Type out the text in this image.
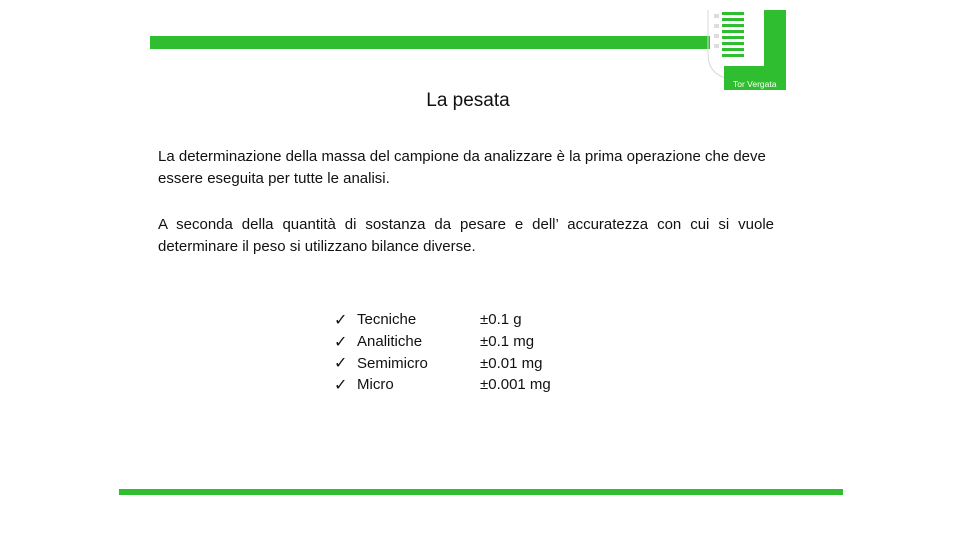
Tor Vergata
La pesata
La determinazione della massa del campione da analizzare è la prima operazione che deve essere eseguita per tutte le analisi.
A seconda della quantità di sostanza da pesare e dell’ accuratezza con cui si vuole determinare il peso si utilizzano bilance diverse.
✓ Tecniche	±0.1 g
✓ Analitiche	±0.1 mg
✓ Semimicro	±0.01 mg
✓ Micro	±0.001 mg
